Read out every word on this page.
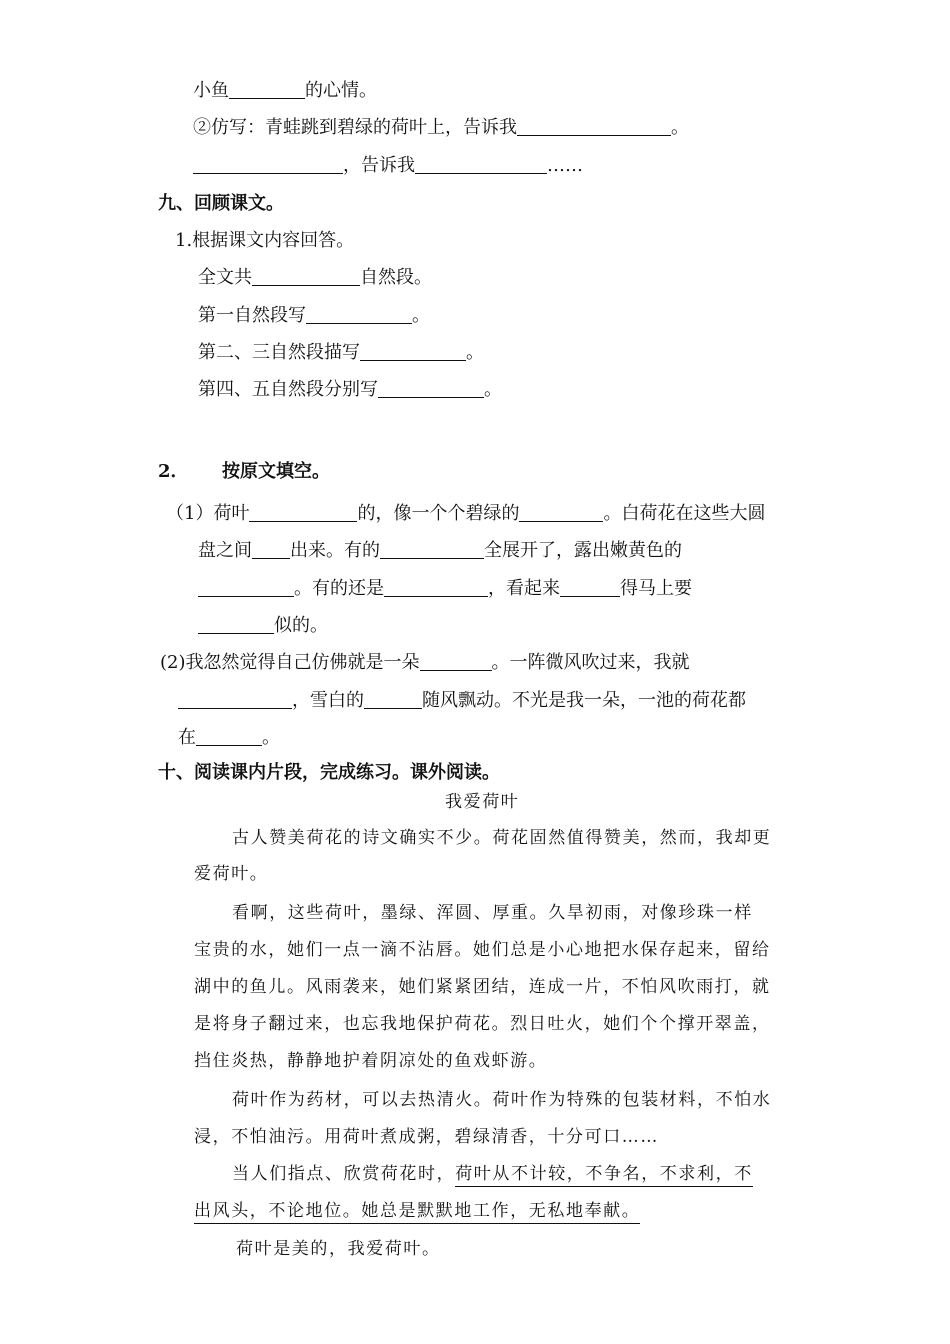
小鱼	的心情。
②仿写：青蛙跳到碧绿的荷叶上，告诉我	。
，告诉我	……
九、回顾课文。
1.根据课文内容回答。
全文共	自然段。
第一自然段写	。
第二、三自然段描写	。
第四、五自然段分别写	。
2． 按原文填空。
（1）荷叶	的，像一个个碧绿的	。白荷花在这些大圆
盘之间 出来。有的	全展开了，露出嫩黄色的
。有的还是	，看起来	得马上要
似的。
(2)我忽然觉得自己仿佛就是一朵	。一阵微风吹过来，我就
，雪白的	随风飘动。不光是我一朵，一池的荷花都
在	。
十、阅读课内片段，完成练习。课外阅读。
我爱荷叶
古人赞美荷花的诗文确实不少。荷花固然值得赞美，然而，我却更
爱荷叶。
看啊，这些荷叶，墨绿、浑圆、厚重。久旱初雨，对像珍珠一样
宝贵的水，她们一点一滴不沾唇。她们总是小心地把水保存起来，留给
湖中的鱼儿。风雨袭来，她们紧紧团结，连成一片，不怕风吹雨打，就
是将身子翻过来，也忘我地保护荷花。烈日吐火，她们个个撑开翠盖，
挡住炎热，静静地护着阴凉处的鱼戏虾游。
荷叶作为药材，可以去热清火。荷叶作为特殊的包装材料，不怕水
浸，不怕油污。用荷叶煮成粥，碧绿清香，十分可口……
当人们指点、欣赏荷花时，荷叶从不计较，不争名，不求利，不
出风头，不论地位。她总是默默地工作，无私地奉献。
荷叶是美的，我爱荷叶。
